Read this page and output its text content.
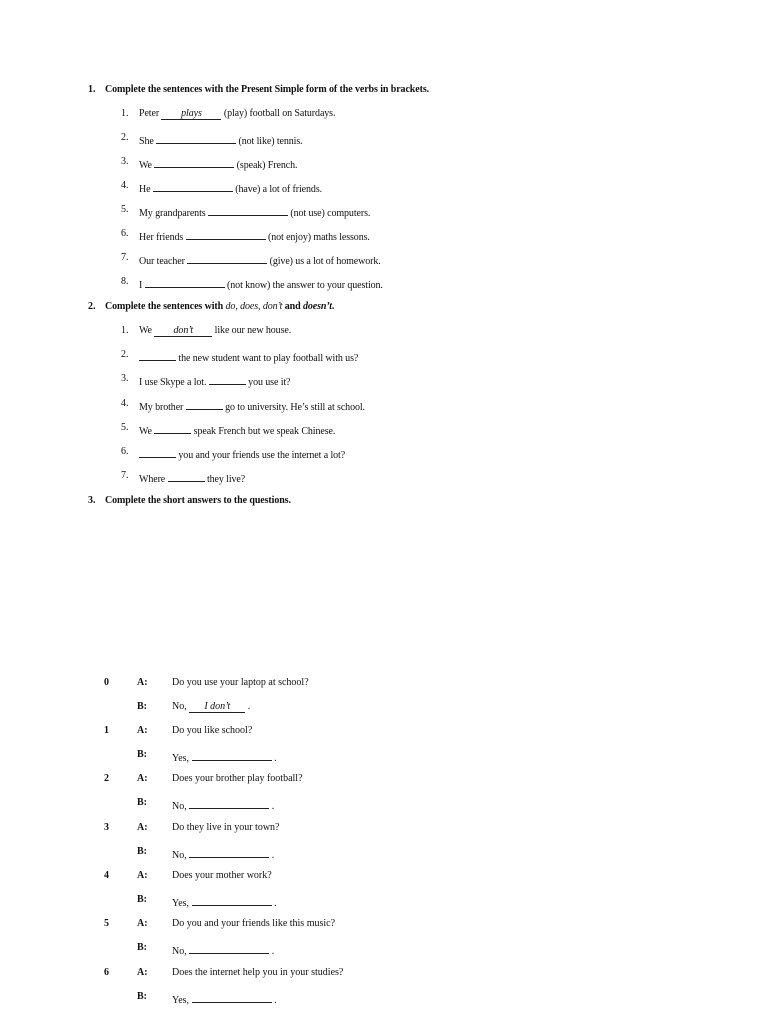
1. Complete the sentences with the Present Simple form of the verbs in brackets.
1. Peter plays (play) football on Saturdays.
2. She	(not like) tennis.
3. We	(speak) French.
4. He	(have) a lot of friends.
5. My grandparents	(not use) computers.
6. Her friends	(not enjoy) maths lessons.
7. Our teacher	(give) us a lot of homework.
8. I	(not know) the answer to your question.
2. Complete the sentences with do, does, don’t and doesn’t.
1. We don’t like our new house.
2.	the new student want to play football with us?
3. I use Skype a lot.	you use it?
4. My brother	go to university. He’s still at school.
5. We	speak French but we speak Chinese.
6.	you and your friends use the internet a lot?
7. Where	they live?
3. Complete the short answers to the questions.
0	A: Do you use your laptop at school?
B:	No, I don’t .
1	A: Do you like school?
B:	Yes,	.
2	A: Does your brother play football?
B:	No,	.
3	A: Do they live in your town?
B:	No,	.
4	A: Does your mother work?
B:	Yes,	.
5	A: Do you and your friends like this music?
B:	No,	.
6	A: Does the internet help you in your studies?
B:	Yes,	.
